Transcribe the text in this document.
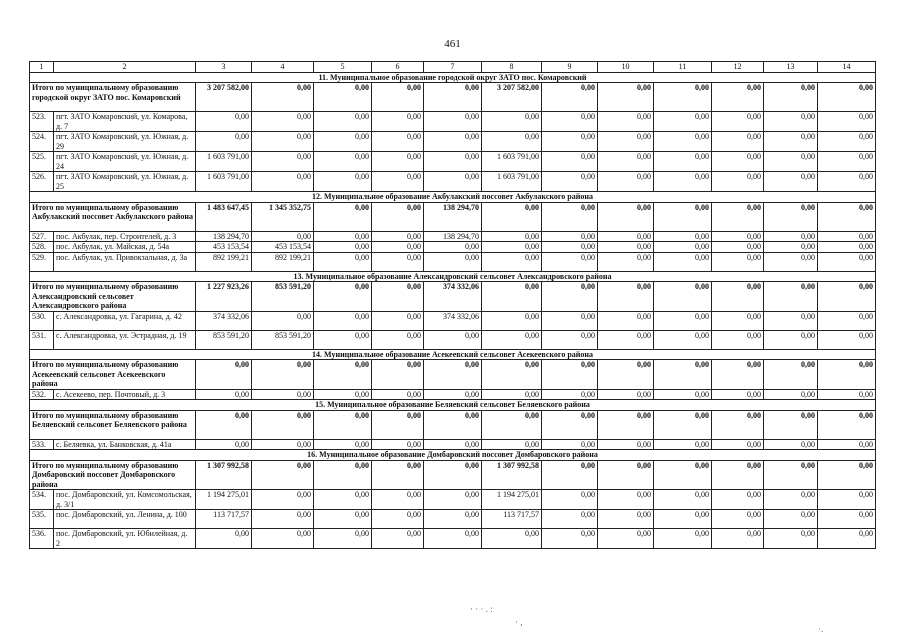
461
1	2	3	4	5	6	7	8	9	10	11	12	13	14
11. Муниципальное образование городской округ ЗАТО пос. Комаровский													
Итого по муниципальному образованию городской округ ЗАТО пос. Комаровский		3 207 582,00	0,00	0,00	0,00	0,00	3 207 582,00	0,00	0,00	0,00	0,00	0,00	0,00
523.	пгт. ЗАТО Комаровский, ул. Комарова, д. 7	0,00	0,00	0,00	0,00	0,00	0,00	0,00	0,00	0,00	0,00	0,00	0,00
524.	пгт. ЗАТО Комаровский, ул. Южная, д. 29	0,00	0,00	0,00	0,00	0,00	0,00	0,00	0,00	0,00	0,00	0,00	0,00
525.	пгт. ЗАТО Комаровский, ул. Южная, д. 24	1 603 791,00	0,00	0,00	0,00	0,00	1 603 791,00	0,00	0,00	0,00	0,00	0,00	0,00
526.	пгт. ЗАТО Комаровский, ул. Южная, д. 25	1 603 791,00	0,00	0,00	0,00	0,00	1 603 791,00	0,00	0,00	0,00	0,00	0,00	0,00
12. Муниципальное образование Акбулакский поссовет Акбулакского района													
Итого по муниципальному образованию Акбулакский поссовет Акбулакского района		1 483 647,45	1 345 352,75	0,00	0,00	138 294,70	0,00	0,00	0,00	0,00	0,00	0,00	0,00
527.	пос. Акбулак, пер. Строителей, д. 3	138 294,70	0,00	0,00	0,00	138 294,70	0,00	0,00	0,00	0,00	0,00	0,00	0,00
528.	пос. Акбулак, ул. Майская, д. 54а	453 153,54	453 153,54	0,00	0,00	0,00	0,00	0,00	0,00	0,00	0,00	0,00	0,00
529.	пос. Акбулак, ул. Привокзальная, д. 3а	892 199,21	892 199,21	0,00	0,00	0,00	0,00	0,00	0,00	0,00	0,00	0,00	0,00
13. Муниципальное образование Александровский сельсовет Александровского района													
Итого по муниципальному образованию Александровский сельсовет Александровского района		1 227 923,26	853 591,20	0,00	0,00	374 332,06	0,00	0,00	0,00	0,00	0,00	0,00	0,00
530.	с. Александровка, ул. Гагарина, д. 42	374 332,06	0,00	0,00	0,00	374 332,06	0,00	0,00	0,00	0,00	0,00	0,00	0,00
531.	с. Александровка, ул. Эстрадная, д. 19	853 591,20	853 591,20	0,00	0,00	0,00	0,00	0,00	0,00	0,00	0,00	0,00	0,00
14. Муниципальное образование Асекеевский сельсовет Асекеевского района													
Итого по муниципальному образованию Асекеевский сельсовет Асекеевского района		0,00	0,00	0,00	0,00	0,00	0,00	0,00	0,00	0,00	0,00	0,00	0,00
532.	с. Асекеево, пер. Почтовый, д. 3	0,00	0,00	0,00	0,00	0,00	0,00	0,00	0,00	0,00	0,00	0,00	0,00
15. Муниципальное образование Беляевский сельсовет Беляевского района													
Итого по муниципальному образованию Беляевский сельсовет Беляевского района		0,00	0,00	0,00	0,00	0,00	0,00	0,00	0,00	0,00	0,00	0,00	0,00
533.	с. Беляевка, ул. Банковская, д. 41а	0,00	0,00	0,00	0,00	0,00	0,00	0,00	0,00	0,00	0,00	0,00	0,00
16. Муниципальное образование Домбаровский поссовет Домбаровского района													
Итого по муниципальному образованию Домбаровский поссовет Домбаровского района		1 307 992,58	0,00	0,00	0,00	0,00	1 307 992,58	0,00	0,00	0,00	0,00	0,00	0,00
534.	пос. Домбаровский, ул. Комсомольская, д. 3/1	1 194 275,01	0,00	0,00	0,00	0,00	1 194 275,01	0,00	0,00	0,00	0,00	0,00	0,00
535.	пос. Домбаровский, ул. Ленина, д. 100	113 717,57	0,00	0,00	0,00	0,00	113 717,57	0,00	0,00	0,00	0,00	0,00	0,00
536.	пос. Домбаровский, ул. Юбилейная, д. 2	0,00	0,00	0,00	0,00	0,00	0,00	0,00	0,00	0,00	0,00	0,00	0,00
· · · . :
· ,
·.
